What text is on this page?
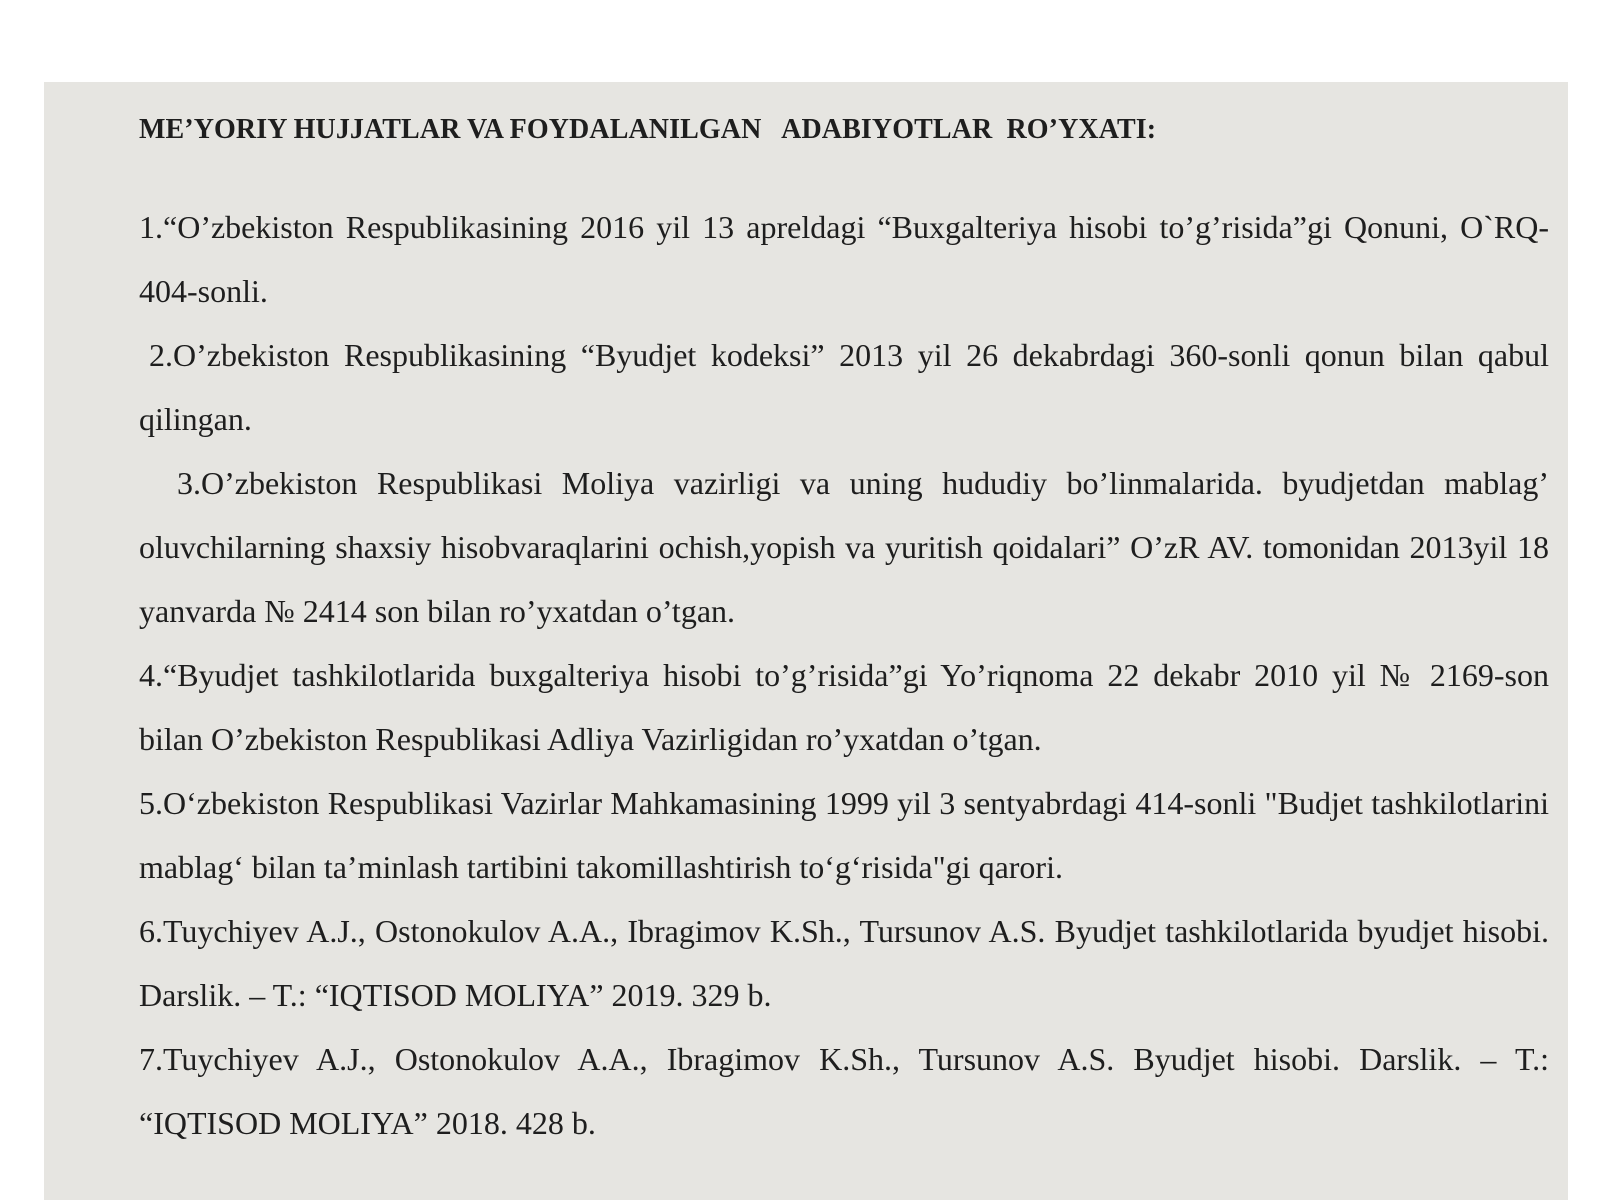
ME’YORIY HUJJATLAR VA FOYDALANILGAN   ADABIYOTLAR  RO’YXATI:
1.“O’zbekiston Respublikasining 2016 yil 13 apreldagi “Buxgalteriya hisobi to’g’risida”gi Qonuni, O`RQ-404-sonli.
2.O’zbekiston Respublikasining “Byudjet kodeksi” 2013 yil 26 dekabrdagi 360-sonli qonun bilan qabul qilingan.
3.O’zbekiston Respublikasi Moliya vazirligi va uning hududiy bo’linmalarida. byudjetdan mablag’ oluvchilarning shaxsiy hisobvaraqlarini ochish,yopish va yuritish qoidalari” O’zR AV. tomonidan 2013yil 18 yanvarda № 2414 son bilan ro’yxatdan o’tgan.
4.“Byudjet tashkilotlarida buxgalteriya hisobi to’g’risida”gi Yo’riqnoma 22 dekabr 2010 yil № 2169-son bilan O’zbekiston Respublikasi Adliya Vazirligidan ro’yxatdan o’tgan.
5.O‘zbekiston Respublikasi Vazirlar Mahkamasining 1999 yil 3 sentyabrdagi 414-sonli "Budjet tashkilotlarini mablag‘ bilan ta’minlash tartibini takomillashtirish to‘g‘risida"gi qarori.
6.Tuychiyev A.J., Ostonokulov A.A., Ibragimov K.Sh., Tursunov A.S. Byudjet tashkilotlarida byudjet hisobi. Darslik. – T.: “IQTISOD MOLIYA” 2019. 329 b.
7.Tuychiyev A.J., Ostonokulov A.A., Ibragimov K.Sh., Tursunov A.S. Byudjet hisobi. Darslik. – T.: “IQTISOD MOLIYA” 2018. 428 b.
